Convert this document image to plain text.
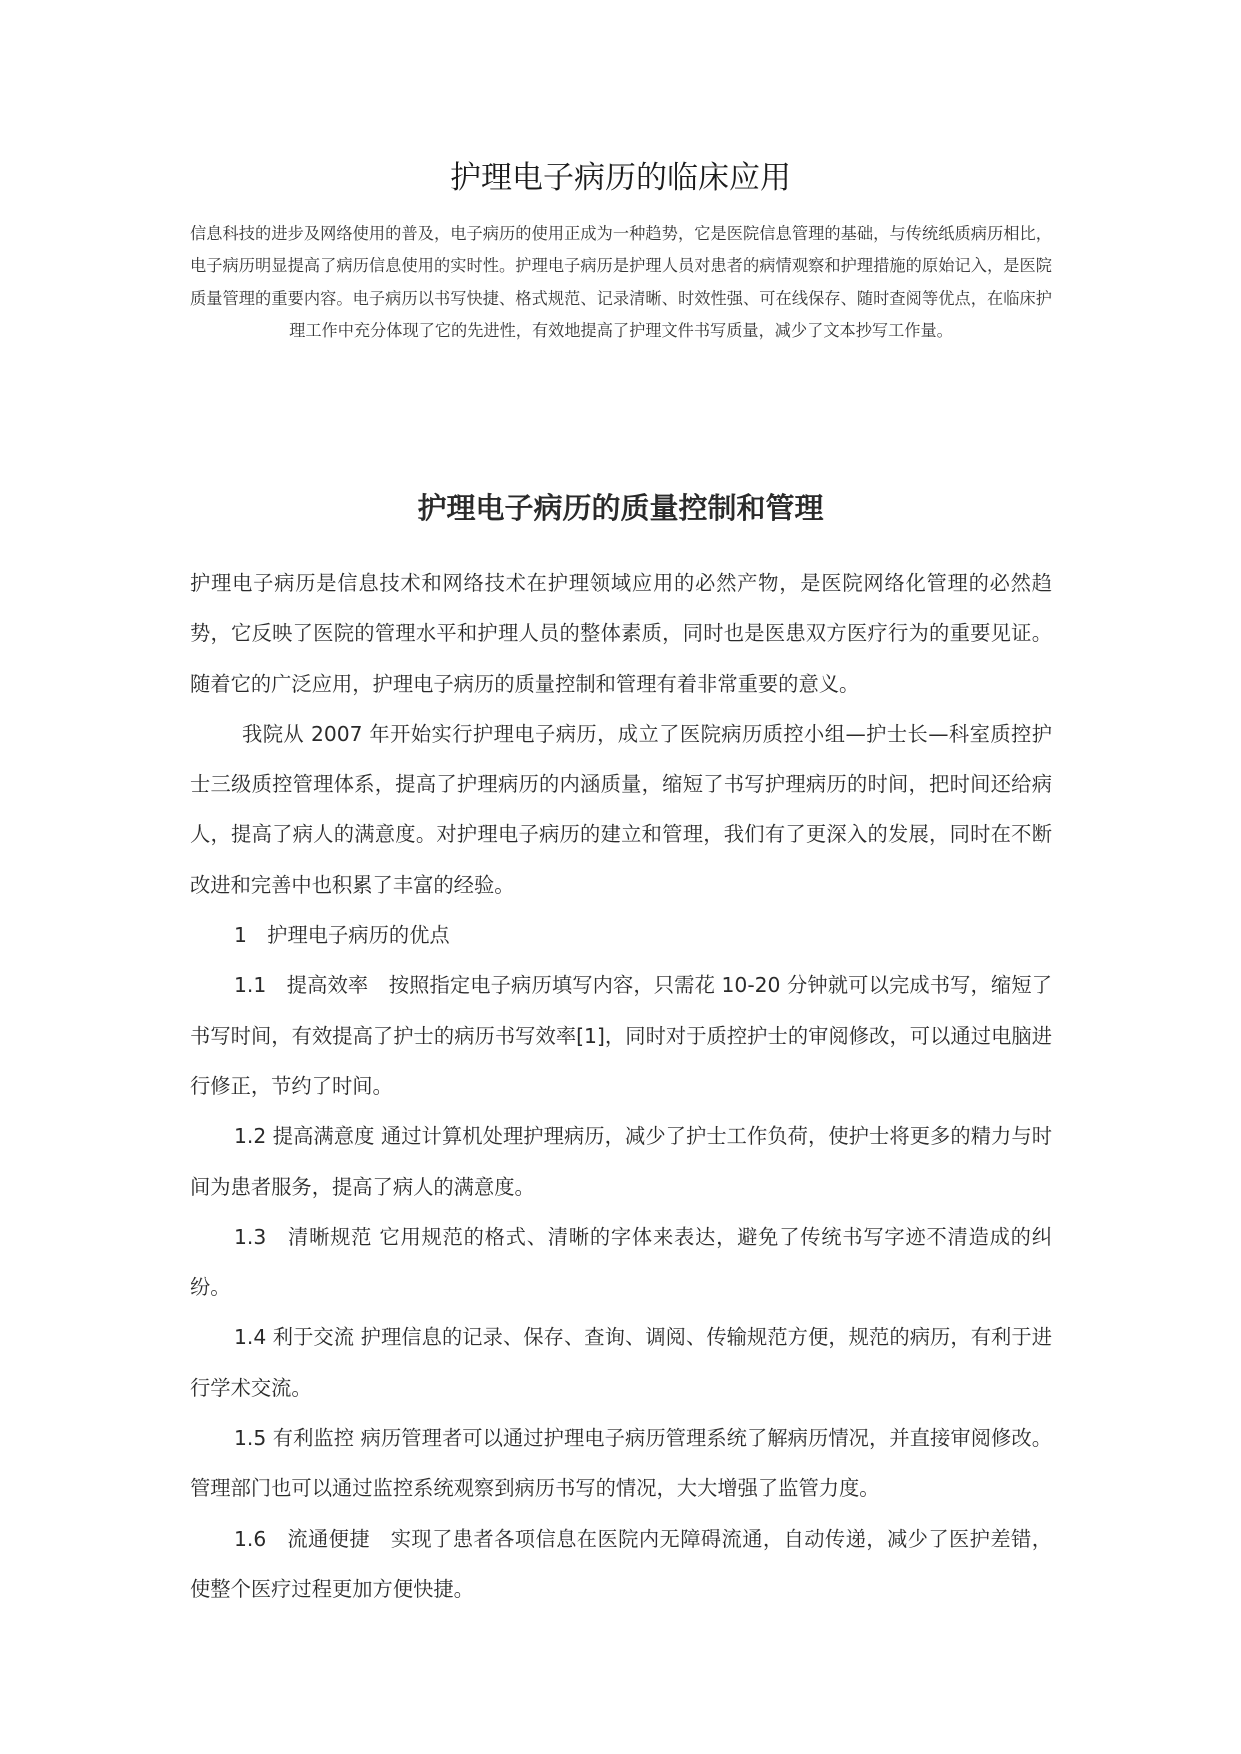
护理电子病历的临床应用

信息科技的进步及网络使用的普及，电子病历的使用正成为一种趋势，它是医院信息管理的基础，与传统纸质病历相比，电子病历明显提高了病历信息使用的实时性。护理电子病历是护理人员对患者的病情观察和护理措施的原始记入，是医院质量管理的重要内容。电子病历以书写快捷、格式规范、记录清晰、时效性强、可在线保存、随时查阅等优点，在临床护理工作中充分体现了它的先进性，有效地提高了护理文件书写质量，减少了文本抄写工作量。

护理电子病历的质量控制和管理

护理电子病历是信息技术和网络技术在护理领域应用的必然产物，是医院网络化管理的必然趋势，它反映了医院的管理水平和护理人员的整体素质，同时也是医患双方医疗行为的重要见证。随着它的广泛应用，护理电子病历的质量控制和管理有着非常重要的意义。

我院从 2007 年开始实行护理电子病历，成立了医院病历质控小组—护士长—科室质控护士三级质控管理体系，提高了护理病历的内涵质量，缩短了书写护理病历的时间，把时间还给病人，提高了病人的满意度。对护理电子病历的建立和管理，我们有了更深入的发展，同时在不断改进和完善中也积累了丰富的经验。

1　护理电子病历的优点

1.1　提高效率　按照指定电子病历填写内容，只需花 10-20 分钟就可以完成书写，缩短了书写时间，有效提高了护士的病历书写效率[1]，同时对于质控护士的审阅修改，可以通过电脑进行修正，节约了时间。

1.2 提高满意度 通过计算机处理护理病历，减少了护士工作负荷，使护士将更多的精力与时间为患者服务，提高了病人的满意度。

1.3　清晰规范 它用规范的格式、清晰的字体来表达，避免了传统书写字迹不清造成的纠纷。

1.4 利于交流 护理信息的记录、保存、查询、调阅、传输规范方便，规范的病历，有利于进行学术交流。

1.5 有利监控 病历管理者可以通过护理电子病历管理系统了解病历情况，并直接审阅修改。管理部门也可以通过监控系统观察到病历书写的情况，大大增强了监管力度。

1.6　流通便捷　实现了患者各项信息在医院内无障碍流通，自动传递，减少了医护差错，使整个医疗过程更加方便快捷。
